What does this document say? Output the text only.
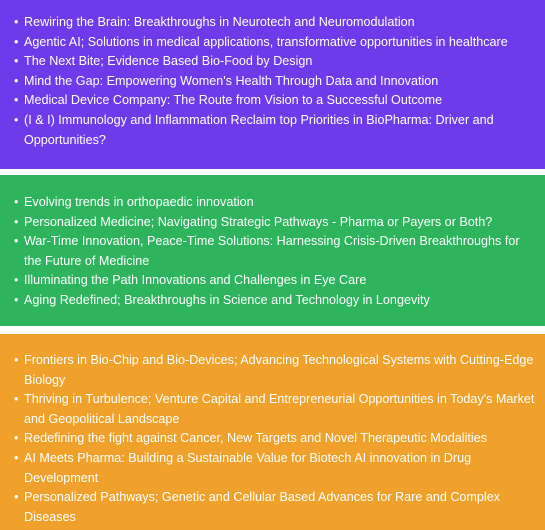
• Rewiring the Brain: Breakthroughs in Neurotech and Neuromodulation
• Agentic AI; Solutions in medical applications, transformative opportunities in healthcare
• The Next Bite; Evidence Based Bio-Food by Design
• Mind the Gap: Empowering Women's Health Through Data and Innovation
• Medical Device Company: The Route from Vision to a Successful Outcome
• (I & I) Immunology and Inflammation Reclaim top Priorities in BioPharma: Driver and Opportunities?
• Evolving trends in orthopaedic innovation
• Personalized Medicine; Navigating Strategic Pathways - Pharma or Payers or Both?
• War-Time Innovation, Peace-Time Solutions: Harnessing Crisis-Driven Breakthroughs for the Future of Medicine
• Illuminating the Path Innovations and Challenges in Eye Care
• Aging Redefined; Breakthroughs in Science and Technology in Longevity
• Frontiers in Bio-Chip and Bio-Devices; Advancing Technological Systems with Cutting-Edge Biology
• Thriving in Turbulence; Venture Capital and Entrepreneurial Opportunities in Today's Market and Geopolitical Landscape
• Redefining the fight against Cancer, New Targets and Novel Therapeutic Modalities
• AI Meets Pharma: Building a Sustainable Value for Biotech AI innovation in Drug Development
• Personalized Pathways; Genetic and Cellular Based Advances for Rare and Complex Diseases
